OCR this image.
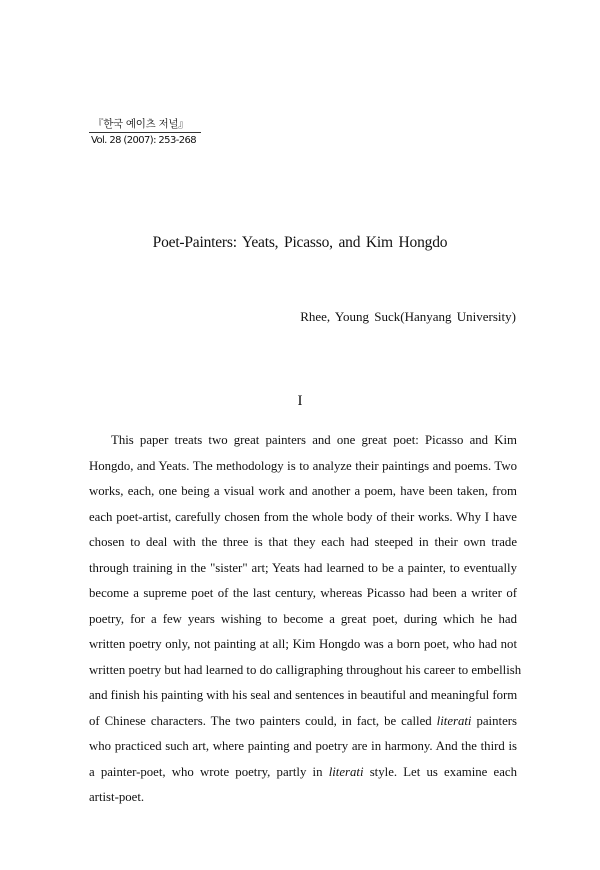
『한국 예이츠 저널』
Vol. 28 (2007): 253-268
Poet-Painters: Yeats, Picasso, and Kim Hongdo
Rhee, Young Suck(Hanyang University)
I
This paper treats two great painters and one great poet: Picasso and Kim
Hongdo, and Yeats. The methodology is to analyze their paintings and poems. Two
works, each, one being a visual work and another a poem, have been taken, from
each poet-artist, carefully chosen from the whole body of their works. Why I have
chosen to deal with the three is that they each had steeped in their own trade
through training in the "sister" art; Yeats had learned to be a painter, to eventually
become a supreme poet of the last century, whereas Picasso had been a writer of
poetry, for a few years wishing to become a great poet, during which he had
written poetry only, not painting at all; Kim Hongdo was a born poet, who had not
written poetry but had learned to do calligraphing throughout his career to embellish
and finish his painting with his seal and sentences in beautiful and meaningful form
of Chinese characters. The two painters could, in fact, be called literati painters
who practiced such art, where painting and poetry are in harmony. And the third is
a painter-poet, who wrote poetry, partly in literati style. Let us examine each
artist-poet.
